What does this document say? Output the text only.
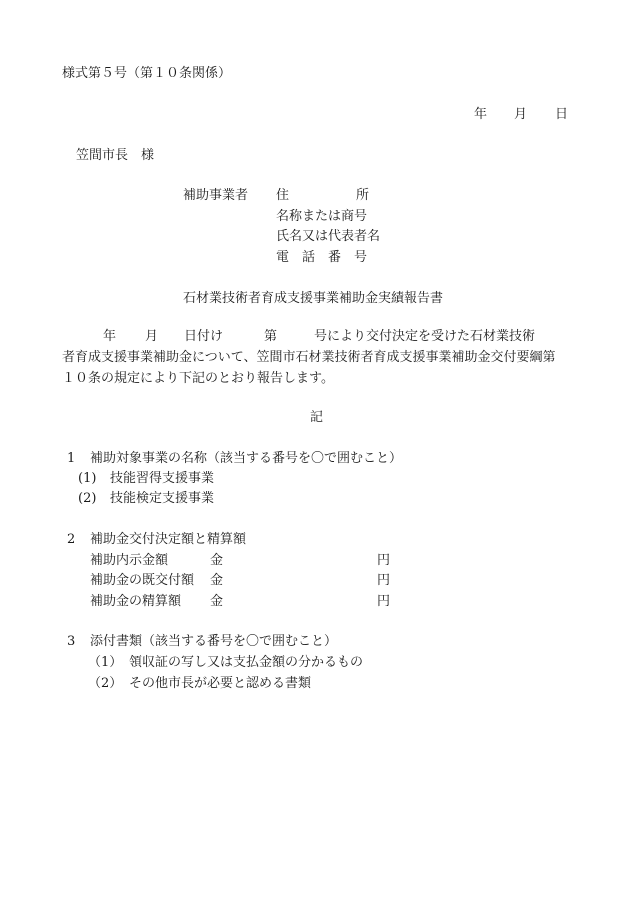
様式第５号（第１０条関係）
年 月 日
笠間市長　様
補助事業者 住	所
名称または商号
氏名又は代表者名
電　話　番　号
石材業技術者育成支援事業補助金実績報告書
年 月 日付け	第	号により交付決定を受けた石材業技術
者育成支援事業補助金について、笠間市石材業技術者育成支援事業補助金交付要綱第
１０条の規定により下記のとおり報告します。
記
1 補助対象事業の名称（該当する番号を〇で囲むこと）
(1) 技能習得支援事業
(2) 技能検定支援事業
2 補助金交付決定額と精算額
補助内示金額	金	円
補助金の既交付額 金	円
補助金の精算額 金	円
3 添付書類（該当する番号を〇で囲むこと）
（1） 領収証の写し又は支払金額の分かるもの
（2） その他市長が必要と認める書類
